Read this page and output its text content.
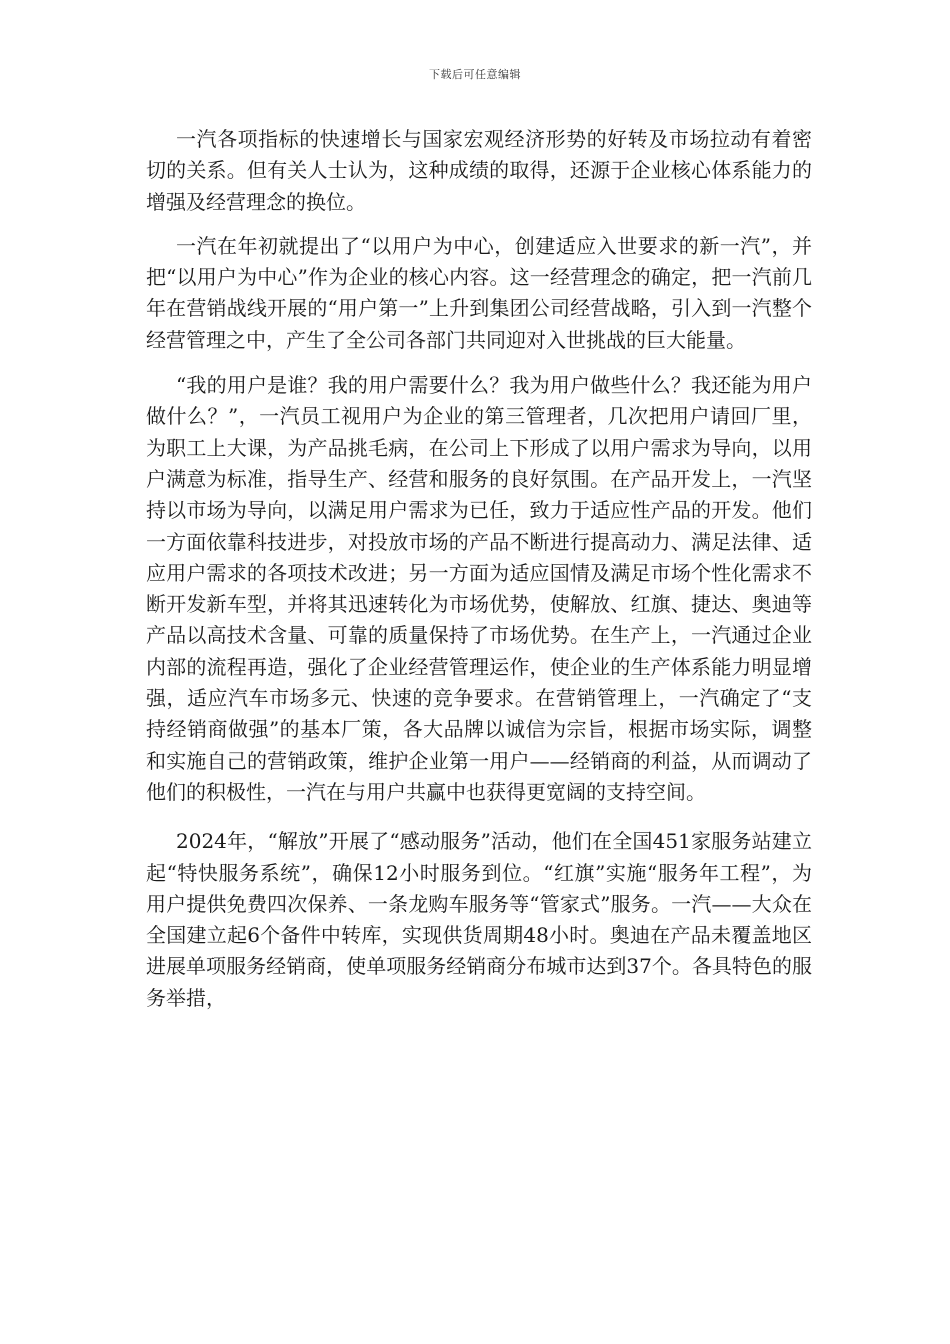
下载后可任意编辑

一汽各项指标的快速增长与国家宏观经济形势的好转及市场拉动有着密切的关系。但有关人士认为，这种成绩的取得，还源于企业核心体系能力的增强及经营理念的换位。

一汽在年初就提出了“以用户为中心，创建适应入世要求的新一汽”，并把“以用户为中心”作为企业的核心内容。这一经营理念的确定，把一汽前几年在营销战线开展的“用户第一”上升到集团公司经营战略，引入到一汽整个经营管理之中，产生了全公司各部门共同迎对入世挑战的巨大能量。

“我的用户是谁？我的用户需要什么？我为用户做些什么？我还能为用户做什么？”，一汽员工视用户为企业的第三管理者，几次把用户请回厂里，为职工上大课，为产品挑毛病，在公司上下形成了以用户需求为导向，以用户满意为标准，指导生产、经营和服务的良好氛围。在产品开发上，一汽坚持以市场为导向，以满足用户需求为已任，致力于适应性产品的开发。他们一方面依靠科技进步，对投放市场的产品不断进行提高动力、满足法律、适应用户需求的各项技术改进；另一方面为适应国情及满足市场个性化需求不断开发新车型，并将其迅速转化为市场优势，使解放、红旗、捷达、奥迪等产品以高技术含量、可靠的质量保持了市场优势。在生产上，一汽通过企业内部的流程再造，强化了企业经营管理运作，使企业的生产体系能力明显增强，适应汽车市场多元、快速的竞争要求。在营销管理上，一汽确定了“支持经销商做强”的基本厂策，各大品牌以诚信为宗旨，根据市场实际，调整和实施自己的营销政策，维护企业第一用户——经销商的利益，从而调动了他们的积极性，一汽在与用户共赢中也获得更宽阔的支持空间。

2024年，“解放”开展了“感动服务”活动，他们在全国451家服务站建立起“特快服务系统”，确保12小时服务到位。“红旗”实施“服务年工程”，为用户提供免费四次保养、一条龙购车服务等“管家式”服务。一汽——大众在全国建立起6个备件中转库，实现供货周期48小时。奥迪在产品未覆盖地区进展单项服务经销商，使单项服务经销商分布城市达到37个。各具特色的服务举措，
